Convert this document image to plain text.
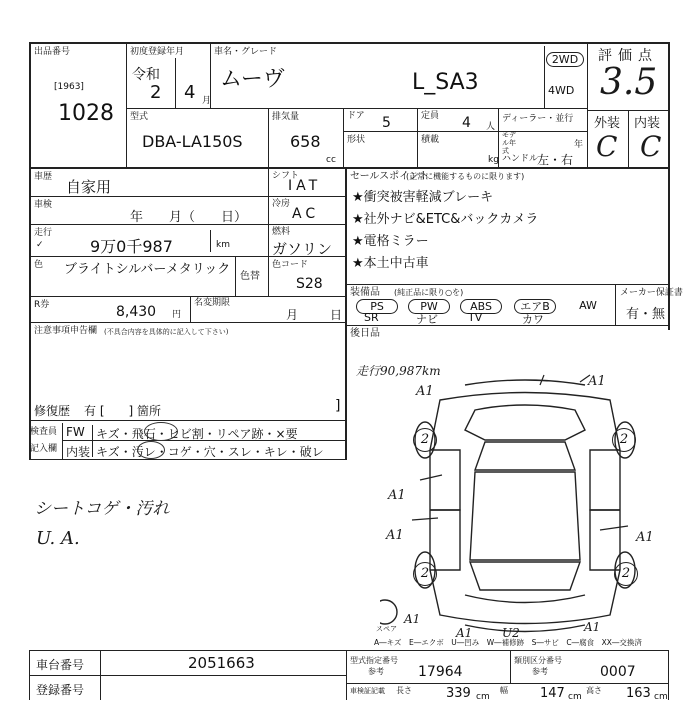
出品番号
[1963]
1028
初度登録年月
令和
2 4 月
車名・グレード
ムーヴ	L_SA3
2WD
4WD
評価点
3.5
型式
DBA-LA150S
排気量
658
cc
ドア 5	定員 4 人
形状	積載
kg
ディーラー・並行
モデル年式
年
ハンドル
左・右
外装 内装
C C
車歴
自家用
シフト
IAT
車検
年　　月（　　日）
冷房
AC
走行
✓	9万0千987	km
燃料
ガソリン
色 ブライトシルバーメタリック 色替
色コード
S28
R券	8,430 円
名変期限
月	日
注意事項申告欄 (不具合内容を具体的に記入して下さい)
修復歴 有 [　　] 箇所	]
検査員
記入欄
FW キズ・飛石・ヒビ割・リペア跡・×要
内装 キズ・汚レ・コゲ・穴・スレ・キレ・破レ
シートコゲ・汚れ
U. A.
セールスポイント
(正常に機能するものに限ります)
★衝突被害軽減ブレーキ
★社外ナビ&ETC&バックカメラ
★電格ミラー
★本土中古車
装備品 (純正品に限り○を)
PS
SR
PW
ナビ
ABS
TV
エアB
カワ
AW
メーカー保証書
有・無
後日品
走行90,987km
A1
A1
2	2
A1
A1	A1
2	2
A1
A1 U2	A1
スペア
A―キズ　E―エクボ　U―凹み　W―補修跡　S―サビ　C―腐食　XX―交換済
車台番号	2051663
登録番号
型式指定番号
参考 17964
類別区分番号
参考	0007
車検証記載 長さ	339 cm
幅 147 cm
高さ 163 cm
